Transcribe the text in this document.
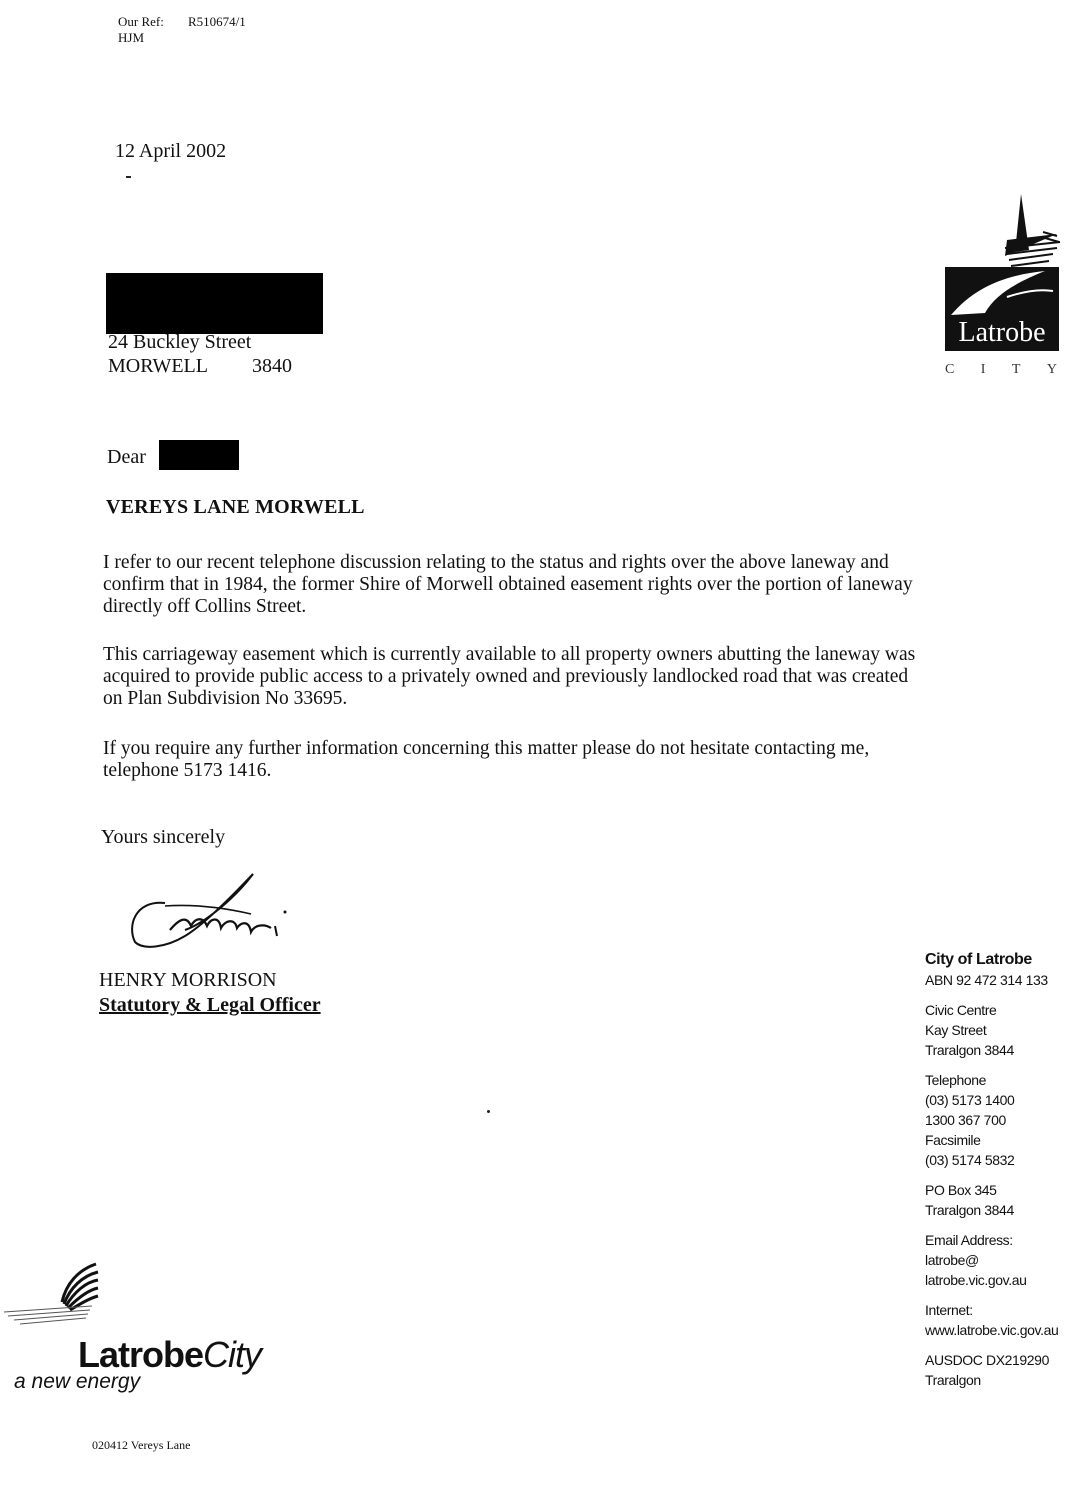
Our Ref: R510674/1
HJM
12 April 2002
24 Buckley Street
MORWELL 3840
Latrobe
C I T Y
Dear
VEREYS LANE MORWELL
I refer to our recent telephone discussion relating to the status and rights over the above laneway and confirm that in 1984, the former Shire of Morwell obtained easement rights over the portion of laneway directly off Collins Street.
This carriageway easement which is currently available to all property owners abutting the laneway was acquired to provide public access to a privately owned and previously landlocked road that was created on Plan Subdivision No 33695.
If you require any further information concerning this matter please do not hesitate contacting me, telephone 5173 1416.
Yours sincerely
HENRY MORRISON
Statutory & Legal Officer
City of Latrobe
ABN 92 472 314 133
Civic Centre
Kay Street
Traralgon 3844
Telephone
(03) 5173 1400
1300 367 700
Facsimile
(03) 5174 5832
PO Box 345
Traralgon 3844
Email Address:
latrobe@
latrobe.vic.gov.au
Internet:
www.latrobe.vic.gov.au
AUSDOC DX219290
Traralgon
LatrobeCity
a new energy
020412 Vereys Lane
